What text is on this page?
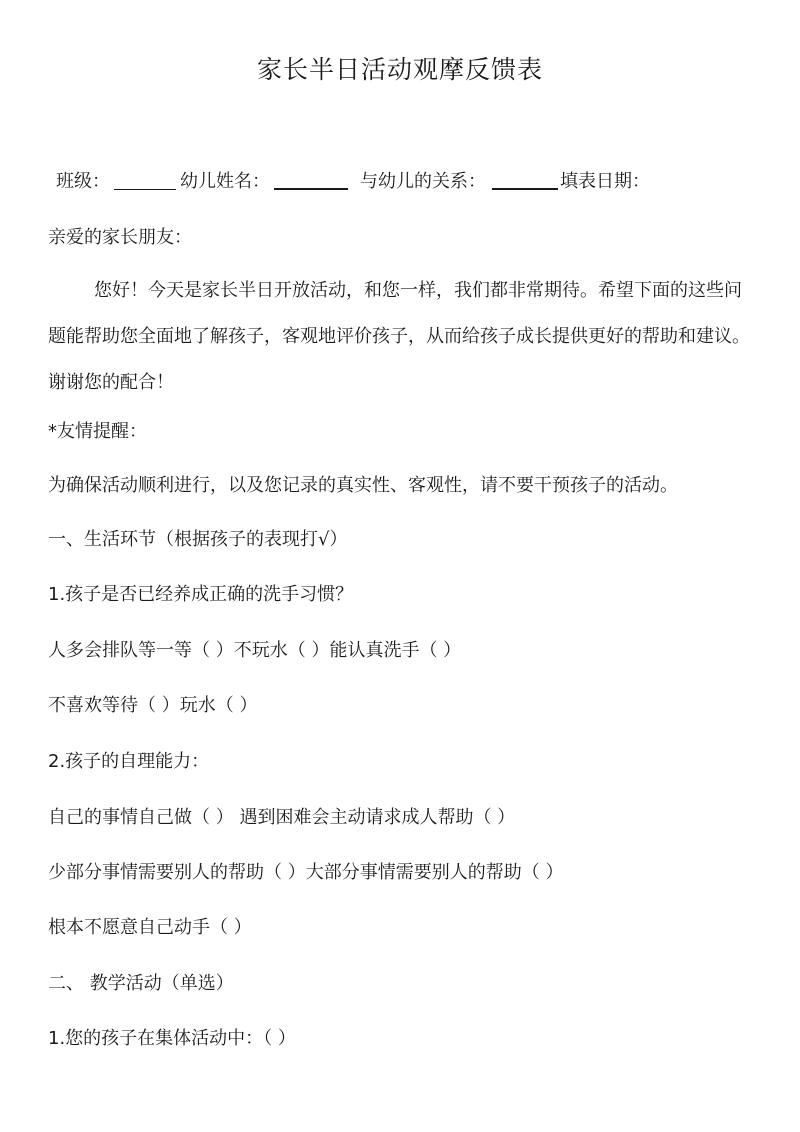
家长半日活动观摩反馈表
班级：	幼儿姓名：	与幼儿的关系：	填表日期：
亲爱的家长朋友：
您好！今天是家长半日开放活动，和您一样，我们都非常期待。希望下面的这些问题能帮助您全面地了解孩子，客观地评价孩子，从而给孩子成长提供更好的帮助和建议。谢谢您的配合！
*友情提醒：
为确保活动顺利进行，以及您记录的真实性、客观性，请不要干预孩子的活动。
一、生活环节（根据孩子的表现打√）
1.孩子是否已经养成正确的洗手习惯？
人多会排队等一等（ ）不玩水（ ）能认真洗手（ ）
不喜欢等待（ ）玩水（ ）
2.孩子的自理能力：
自己的事情自己做（ ） 遇到困难会主动请求成人帮助（ ）
少部分事情需要别人的帮助（ ）大部分事情需要别人的帮助（ ）
根本不愿意自己动手（ ）
二、 教学活动（单选）
1.您的孩子在集体活动中：（ ）
